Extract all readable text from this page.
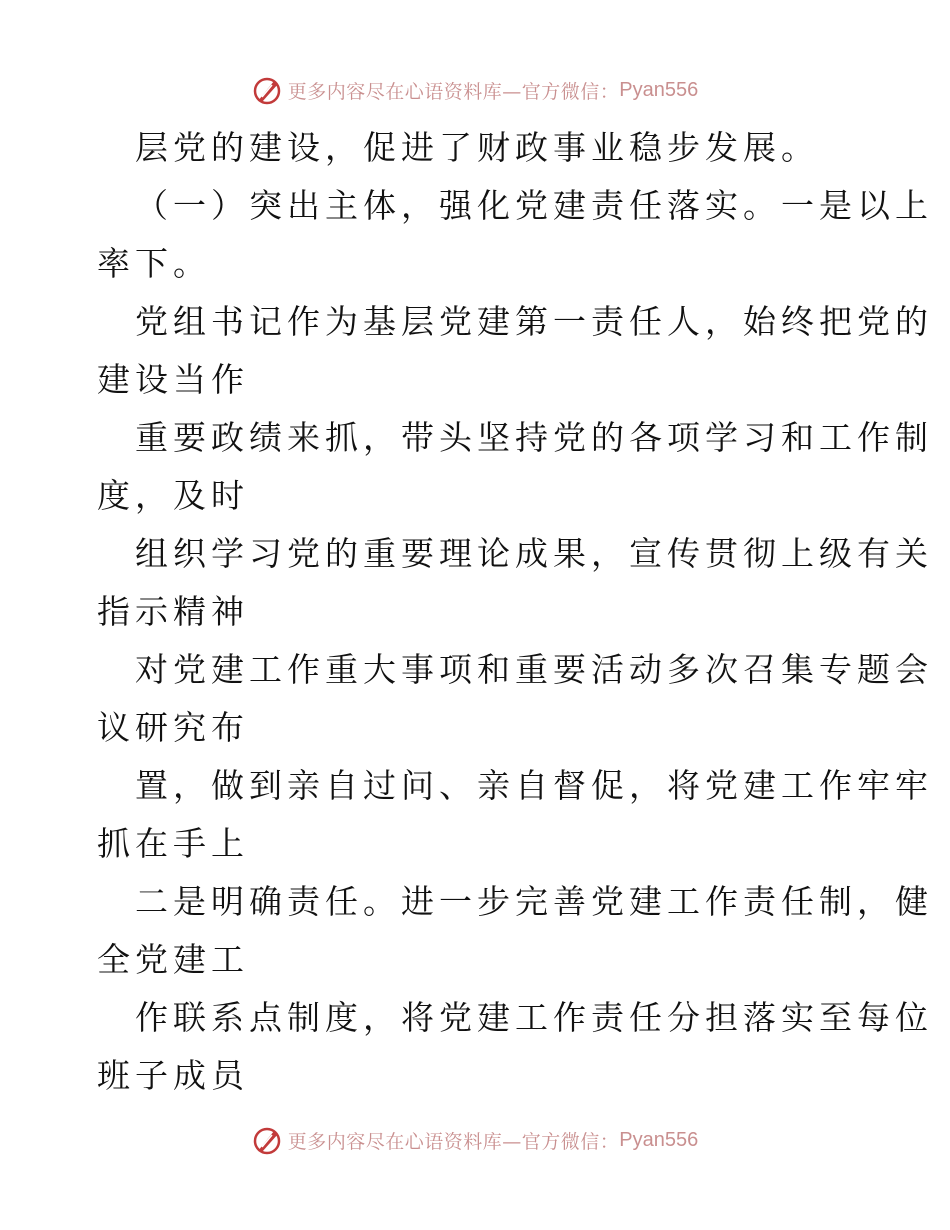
更多内容尽在心语资料库—官方微信： Pyan556
层党的建设，促进了财政事业稳步发展。
（一）突出主体，强化党建责任落实。一是以上
率下。
党组书记作为基层党建第一责任人，始终把党的
建设当作
重要政绩来抓，带头坚持党的各项学习和工作制
度，及时
组织学习党的重要理论成果，宣传贯彻上级有关
指示精神
对党建工作重大事项和重要活动多次召集专题会
议研究布
置，做到亲自过问、亲自督促，将党建工作牢牢
抓在手上
二是明确责任。进一步完善党建工作责任制，健
全党建工
作联系点制度，将党建工作责任分担落实至每位
班子成员
更多内容尽在心语资料库—官方微信： Pyan556
